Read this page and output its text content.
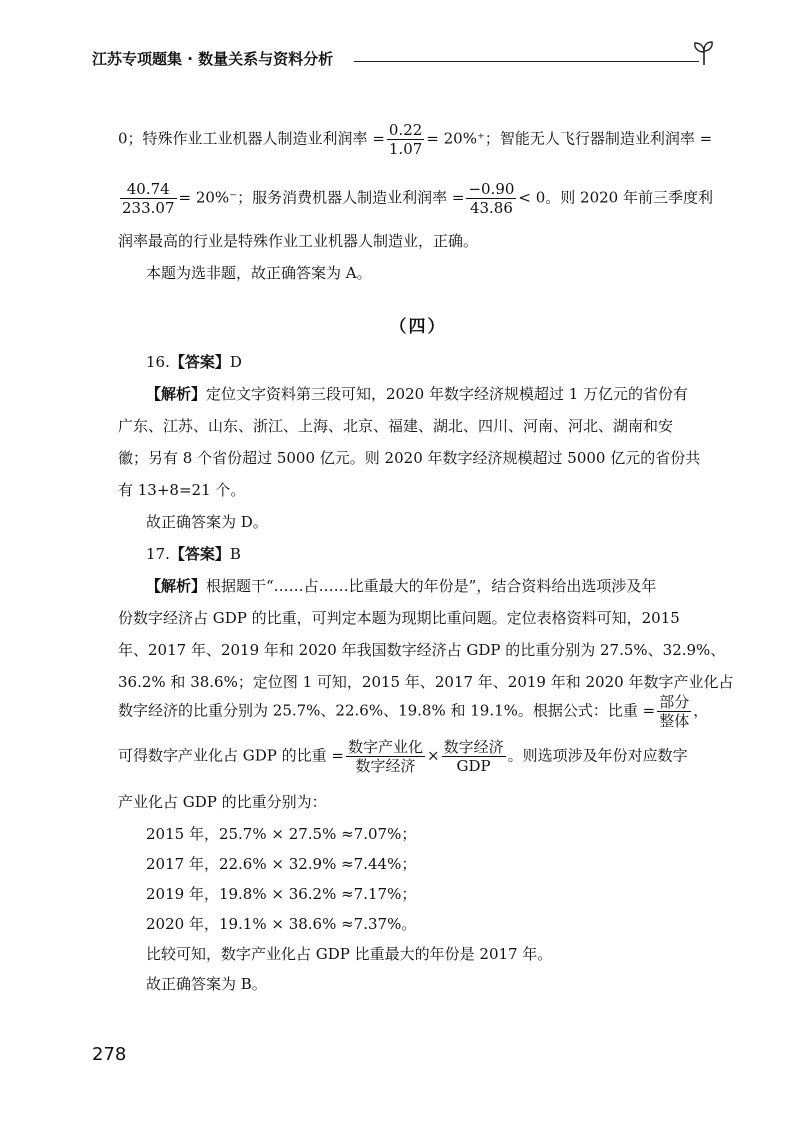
江苏专项题集 · 数量关系与资料分析
0；特殊作业工业机器人制造业利润率 = $\frac{0.22}{1.07} = 20\%^+$；智能无人飞行器制造业利润率 =
$\frac{40.74}{233.07} = 20\%^-$；服务消费机器人制造业利润率 = $\frac{-0.90}{43.86} < 0$。则 2020 年前三季度利
润率最高的行业是特殊作业工业机器人制造业，正确。
本题为选非题，故正确答案为 A。
（四）
16.【答案】D
【解析】定位文字资料第三段可知，2020 年数字经济规模超过 1 万亿元的省份有
广东、江苏、山东、浙江、上海、北京、福建、湖北、四川、河南、河北、湖南和安
徽；另有 8 个省份超过 5000 亿元。则 2020 年数字经济规模超过 5000 亿元的省份共
有 13+8=21 个。
故正确答案为 D。
17.【答案】B
【解析】根据题干“……占……比重最大的年份是”，结合资料给出选项涉及年
份数字经济占 GDP 的比重，可判定本题为现期比重问题。定位表格资料可知，2015
年、2017 年、2019 年和 2020 年我国数字经济占 GDP 的比重分别为 27.5%、32.9%、
36.2% 和 38.6%；定位图 1 可知，2015 年、2017 年、2019 年和 2020 年数字产业化占
数字经济的比重分别为 25.7%、22.6%、19.8% 和 19.1%。根据公式：比重 = $\frac{\text{部分}}{\text{整体}}$ ，
可得数字产业化占 GDP 的比重 = $\frac{\text{数字产业化}}{\text{数字经济}} \times \frac{\text{数字经济}}{\text{GDP}}$ 。则选项涉及年份对应数字
产业化占 GDP 的比重分别为：
2015 年，25.7% × 27.5% ≈7.07%；
2017 年，22.6% × 32.9% ≈7.44%；
2019 年，19.8% × 36.2% ≈7.17%；
2020 年，19.1% × 38.6% ≈7.37%。
比较可知，数字产业化占 GDP 比重最大的年份是 2017 年。
故正确答案为 B。
278
